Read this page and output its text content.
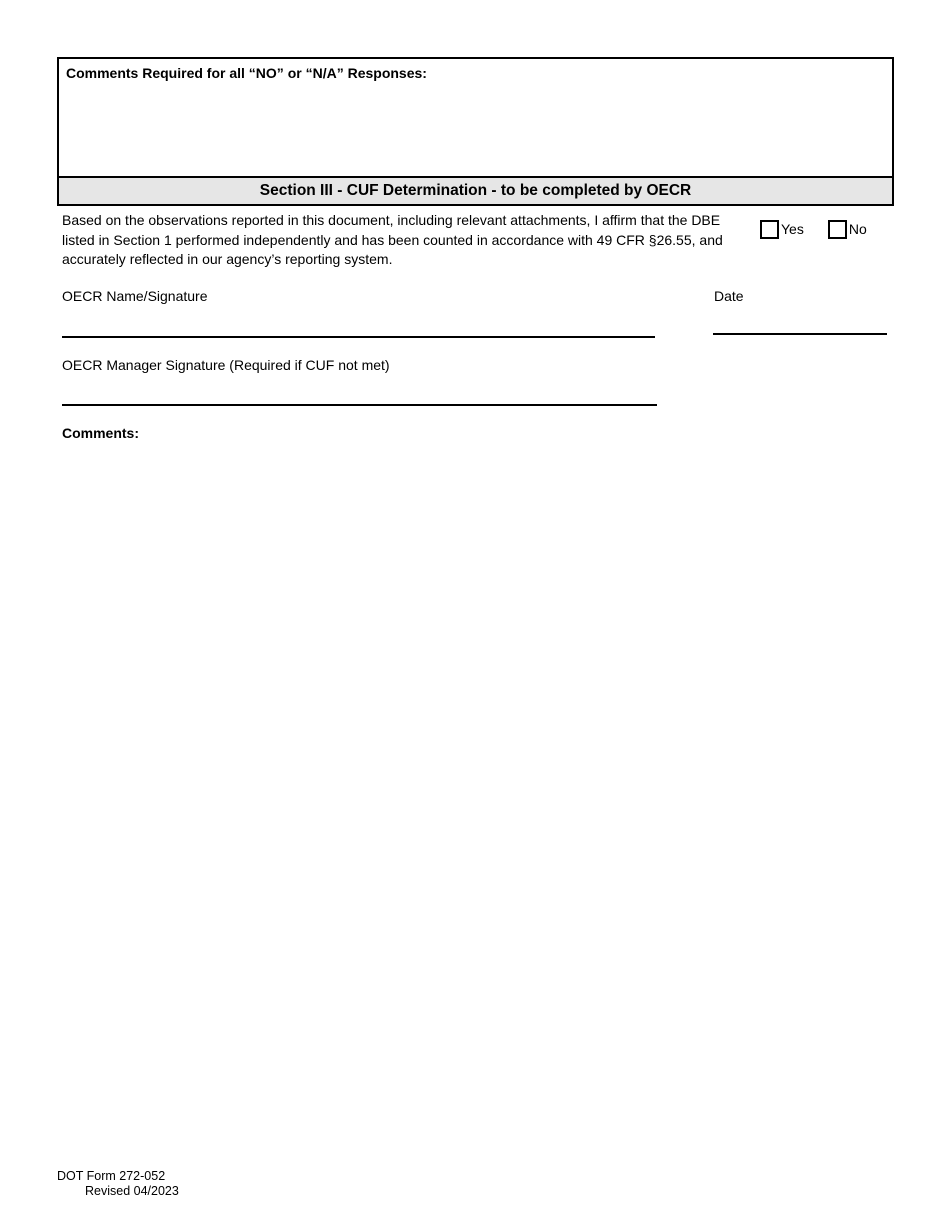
Comments Required for all “NO” or “N/A” Responses:
Section III - CUF Determination - to be completed by OECR
Based on the observations reported in this document, including relevant attachments, I affirm that the DBE listed in Section 1 performed independently and has been counted in accordance with 49 CFR §26.55, and accurately reflected in our agency’s reporting system.
Yes	No
OECR Name/Signature	Date
OECR Manager Signature (Required if CUF not met)
Comments:
DOT Form 272-052
Revised 04/2023
